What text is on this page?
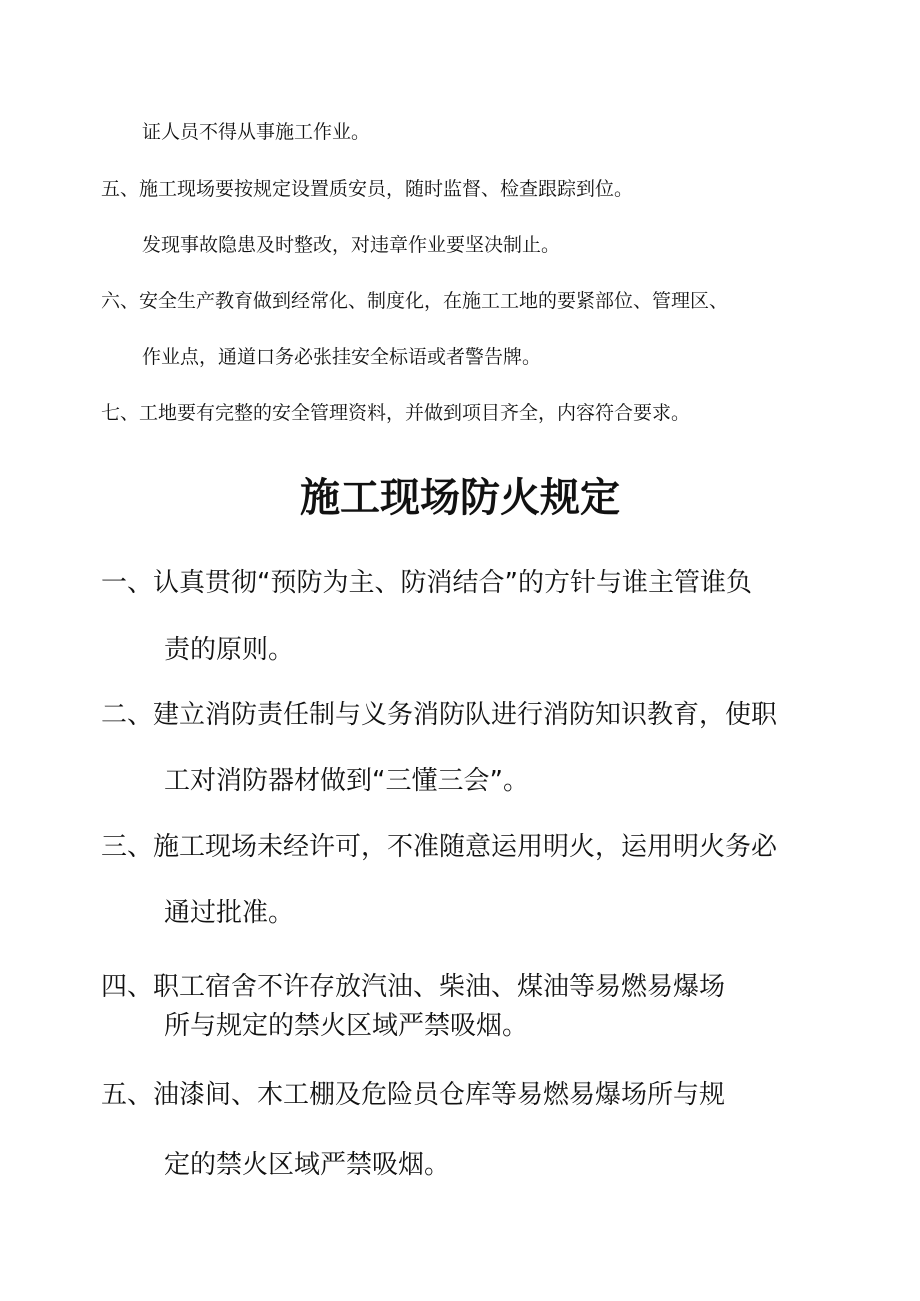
证人员不得从事施工作业。
五、施工现场要按规定设置质安员，随时监督、检查跟踪到位。
发现事故隐患及时整改，对违章作业要坚决制止。
六、安全生产教育做到经常化、制度化，在施工工地的要紧部位、管理区、
作业点，通道口务必张挂安全标语或者警告牌。
七、工地要有完整的安全管理资料，并做到项目齐全，内容符合要求。
施工现场防火规定
一、认真贯彻“预防为主、防消结合”的方针与谁主管谁负
责的原则。
二、建立消防责任制与义务消防队进行消防知识教育，使职
工对消防器材做到“三懂三会”。
三、施工现场未经许可，不准随意运用明火，运用明火务必
通过批准。
四、职工宿舍不许存放汽油、柴油、煤油等易燃易爆场
所与规定的禁火区域严禁吸烟。
五、油漆间、木工棚及危险员仓库等易燃易爆场所与规
定的禁火区域严禁吸烟。
